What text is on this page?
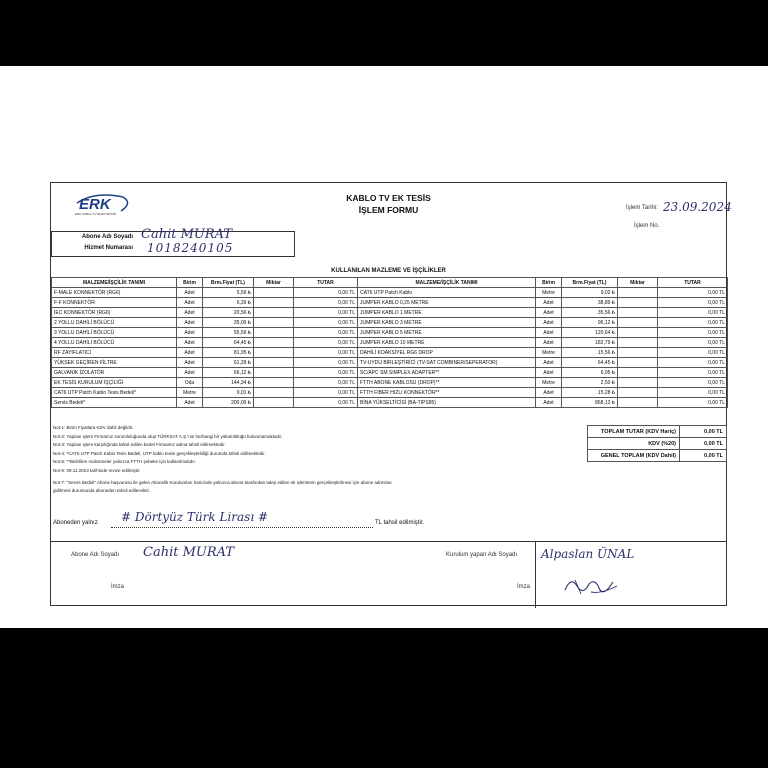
ERK
ERK KABLO TV ELEKTRONİK
KABLO TV EK TESİS
İŞLEM FORMU	İşlem Tarihi: 23.09.2024
İşlem No.
Abone Adı Soyadı
Hizmet Numarası
Cahit MURAT
1018240105
KULLANILAN MAZLEME VE İŞÇİLİKLER
MALZEME/İŞÇİLİK TANIMI	Birim	Brm.Fiyat (TL)	Miktar	TUTAR	MALZEME/İŞÇİLİK TANIMI	Birim	Brm.Fiyat (TL)	Miktar	TUTAR
F-MALE KONNEKTÖR (RG6)	Adet	5,56 ₺		0,00 TL	CAT6 UTP Patch Kablo	Metre	9,02 ₺		0,00 TL
F-F KONNEKTÖR	Adet	6,39 ₺		0,00 TL	JUMPER KABLO 0,25 METRE	Adet	38,89 ₺		0,00 TL
IEC KONNEKTÖR (RG6)	Adet	20,56 ₺		0,00 TL	JUMPER KABLO 1 METRE	Adet	35,56 ₺		0,00 TL
2 YOLLU DAHİLİ BÖLÜCÜ	Adet	35,00 ₺		0,00 TL	JUMPER KABLO 3 METRE	Adet	96,12 ₺		0,00 TL
3 YOLLU DAHİLİ BÖLÜCÜ	Adet	55,56 ₺		0,00 TL	JUMPER KABLO 5 METRE	Adet	120,64 ₺		0,00 TL
4 YOLLU DAHİLİ BÖLÜCÜ	Adet	64,45 ₺		0,00 TL	JUMPER KABLO 10 METRE	Adet	182,79 ₺		0,00 TL
RF ZAYIFLATICI	Adet	81,95 ₺		0,00 TL	DAHİLİ KOAKSİYEL RG6 DROP	Metre	15,56 ₺		0,00 TL
YÜKSEK GEÇİREN FİLTRE	Adet	61,39 ₺		0,00 TL	TV-UYDU BİRLEŞTİRİCİ (TV-SAT COMBINER/SEPERATOR)	Adet	64,45 ₺		0,00 TL
GALVANİK İZOLATÖR	Adet	66,12 ₺		0,00 TL	SC/APC SM SIMPLEX ADAPTER**	Adet	6,95 ₺		0,00 TL
EK TESİS KURULUM İŞÇİLİĞİ	Oda	144,34 ₺		0,00 TL	FTTH ABONE KABLOSU (DROP)**	Metre	2,50 ₺		0,00 TL
CAT6 UTP Patch Kablo Tesis Bedeli*	Metre	9,01 ₺		0,00 TL	FTTH FİBER HIZLI KONNEKTÖR**	Adet	15,28 ₺		0,00 TL
Servis Bedeli*	Adet	200,00 ₺		0,00 TL	BİNA YÜKSELTİCİSİ (BA-TIPS85)	Adet	868,13 ₺		0,00 TL
Not-1: Birim Fiyatlara KDV dahil değildir.
Not-2: Yapılan işlem Firmamız sorumluluğunda olup TÜRKSAT A.Ş.'nin herhangi bir yükümlülüğü bulunmamaktadır.
Not-3: Yapılan işlem karşılığında tahsil edilen bedel Firmamız adına tahsil edilmektedir.
Not-4: *CAT6 UTP Patch Kablo Tesis Bedeli, UTP kablo tesisi gerçekleştirildiği durumda tahsil edilmektedir.
Not-5: **Belirtilen malzemeler yalnızca FTTH şebeke için kullanılmalıdır.
Not-6: 09.11.2023 tarihinde revize edilmiştir.
Not-7: "Servis Bedeli" Abone başvurusu ile gelen Abonelik Kurulumları haricinde yalnızca abone tarafından talep edilen ek işlemlerin gerçekleştirilmesi için abone adresine
gidilmesi durumunda aboneden tahsil edilecektir.
TOPLAM TUTAR (KDV Hariç)	0,00 TL
KDV (%20)	0,00 TL
GENEL TOPLAM (KDV Dahil)	0,00 TL
Aboneden yalnız # Dörtyüz Türk Lirası #	TL tahsil edilmiştir.
Abone Adı Soyadı Cahit MURAT
İmza
Kurulum yapan Adı Soyadı Alpaslan ÜNAL
İmza
